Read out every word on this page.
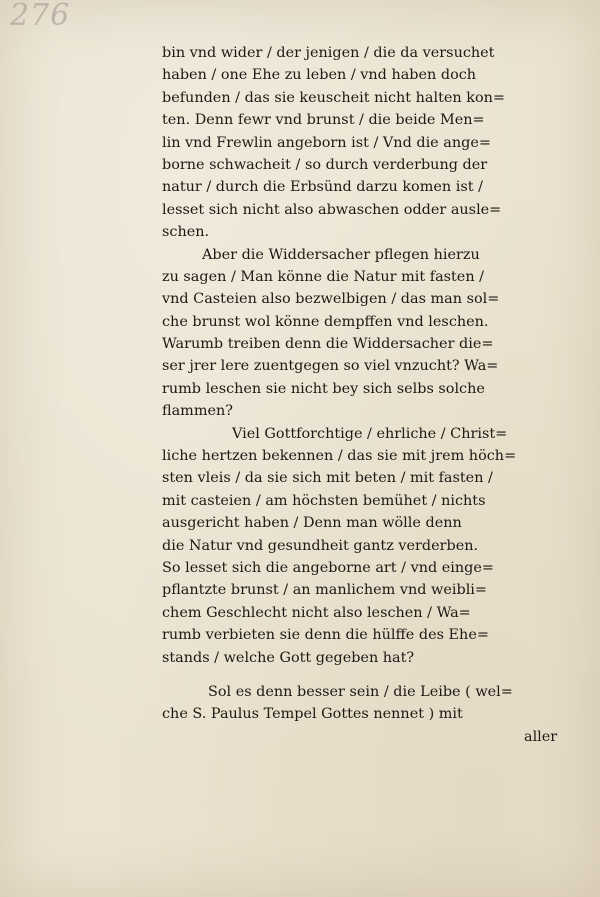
276
bin vnd wider / der jenigen / die da versuchet
haben / one Ehe zu leben / vnd haben doch
befunden / das sie keuscheit nicht halten kon=
ten. Denn fewr vnd brunst / die beide Men=
lin vnd Frewlin angeborn ist / Vnd die ange=
borne schwacheit / so durch verderbung der
natur / durch die Erbsünd darzu komen ist /
lesset sich nicht also abwaschen odder ausle=
schen.
Aber die Widdersacher pflegen hierzu
zu sagen / Man könne die Natur mit fasten /
vnd Casteien also bezwelbigen / das man sol=
che brunst wol könne dempffen vnd leschen.
Warumb treiben denn die Widdersacher die=
ser jrer lere zuentgegen so viel vnzucht? Wa=
rumb leschen sie nicht bey sich selbs solche
flammen?
Viel Gottforchtige / ehrliche / Christ=
liche hertzen bekennen / das sie mit jrem höch=
sten vleis / da sie sich mit beten / mit fasten /
mit casteien / am höchsten bemühet / nichts
ausgericht haben / Denn man wölle denn
die Natur vnd gesundheit gantz verderben.
So lesset sich die angeborne art / vnd einge=
pflantzte brunst / an manlichem vnd weibli=
chem Geschlecht nicht also leschen / Wa=
rumb verbieten sie denn die hülffe des Ehe=
stands / welche Gott gegeben hat?
Sol es denn besser sein / die Leibe ( wel=
che S. Paulus Tempel Gottes nennet ) mit
aller
